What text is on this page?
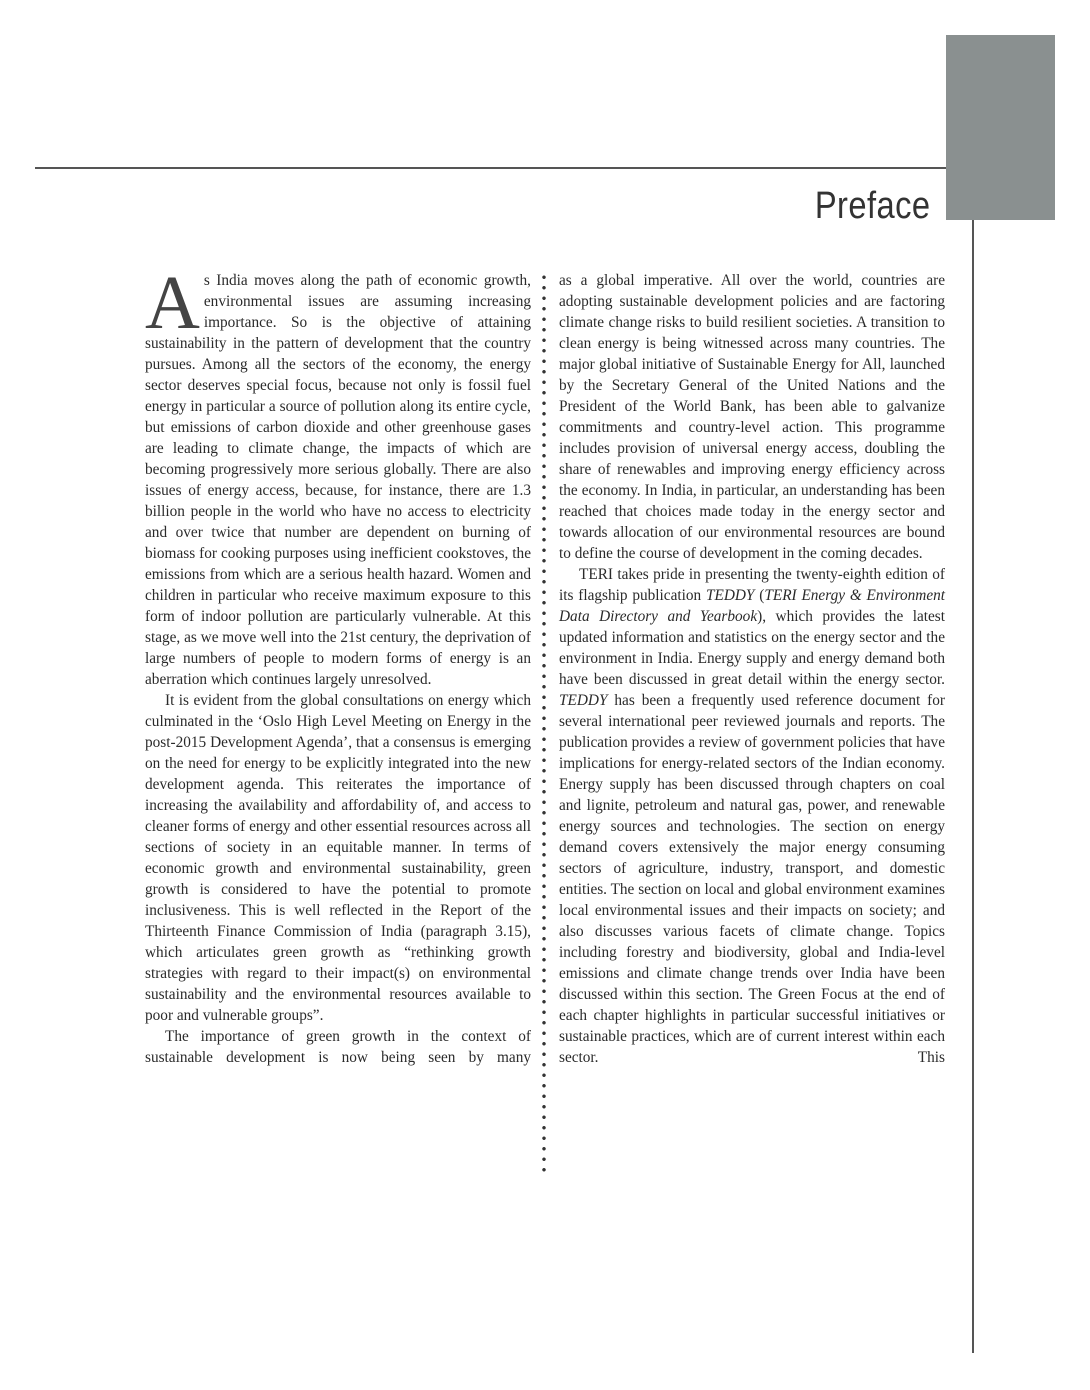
Preface

As India moves along the path of economic growth, environmental issues are assuming increasing importance. So is the objective of attaining sustainability in the pattern of development that the country pursues. Among all the sectors of the economy, the energy sector deserves special focus, because not only is fossil fuel energy in particular a source of pollution along its entire cycle, but emissions of carbon dioxide and other greenhouse gases are leading to climate change, the impacts of which are becoming progressively more serious globally. There are also issues of energy access, because, for instance, there are 1.3 billion people in the world who have no access to electricity and over twice that number are dependent on burning of biomass for cooking purposes using inefficient cookstoves, the emissions from which are a serious health hazard. Women and children in particular who receive maximum exposure to this form of indoor pollution are particularly vulnerable. At this stage, as we move well into the 21st century, the deprivation of large numbers of people to modern forms of energy is an aberration which continues largely unresolved.

It is evident from the global consultations on energy which culminated in the ‘Oslo High Level Meeting on Energy in the post-2015 Development Agenda’, that a consensus is emerging on the need for energy to be explicitly integrated into the new development agenda. This reiterates the importance of increasing the availability and affordability of, and access to cleaner forms of energy and other essential resources across all sections of society in an equitable manner. In terms of economic growth and environmental sustainability, green growth is considered to have the potential to promote inclusiveness. This is well reflected in the Report of the Thirteenth Finance Commission of India (paragraph 3.15), which articulates green growth as “rethinking growth strategies with regard to their impact(s) on environmental sustainability and the environmental resources available to poor and vulnerable groups”.

The importance of green growth in the context of sustainable development is now being seen by many

as a global imperative. All over the world, countries are adopting sustainable development policies and are factoring climate change risks to build resilient societies. A transition to clean energy is being witnessed across many countries. The major global initiative of Sustainable Energy for All, launched by the Secretary General of the United Nations and the President of the World Bank, has been able to galvanize commitments and country-level action. This programme includes provision of universal energy access, doubling the share of renewables and improving energy efficiency across the economy. In India, in particular, an understanding has been reached that choices made today in the energy sector and towards allocation of our environmental resources are bound to define the course of development in the coming decades.

TERI takes pride in presenting the twenty-eighth edition of its flagship publication TEDDY (TERI Energy & Environment Data Directory and Yearbook), which provides the latest updated information and statistics on the energy sector and the environment in India. Energy supply and energy demand both have been discussed in great detail within the energy sector. TEDDY has been a frequently used reference document for several international peer reviewed journals and reports. The publication provides a review of government policies that have implications for energy-related sectors of the Indian economy. Energy supply has been discussed through chapters on coal and lignite, petroleum and natural gas, power, and renewable energy sources and technologies. The section on energy demand covers extensively the major energy consuming sectors of agriculture, industry, transport, and domestic entities. The section on local and global environment examines local environmental issues and their impacts on society; and also discusses various facets of climate change. Topics including forestry and biodiversity, global and India-level emissions and climate change trends over India have been discussed within this section. The Green Focus at the end of each chapter highlights in particular successful initiatives or sustainable practices, which are of current interest within each sector. This
